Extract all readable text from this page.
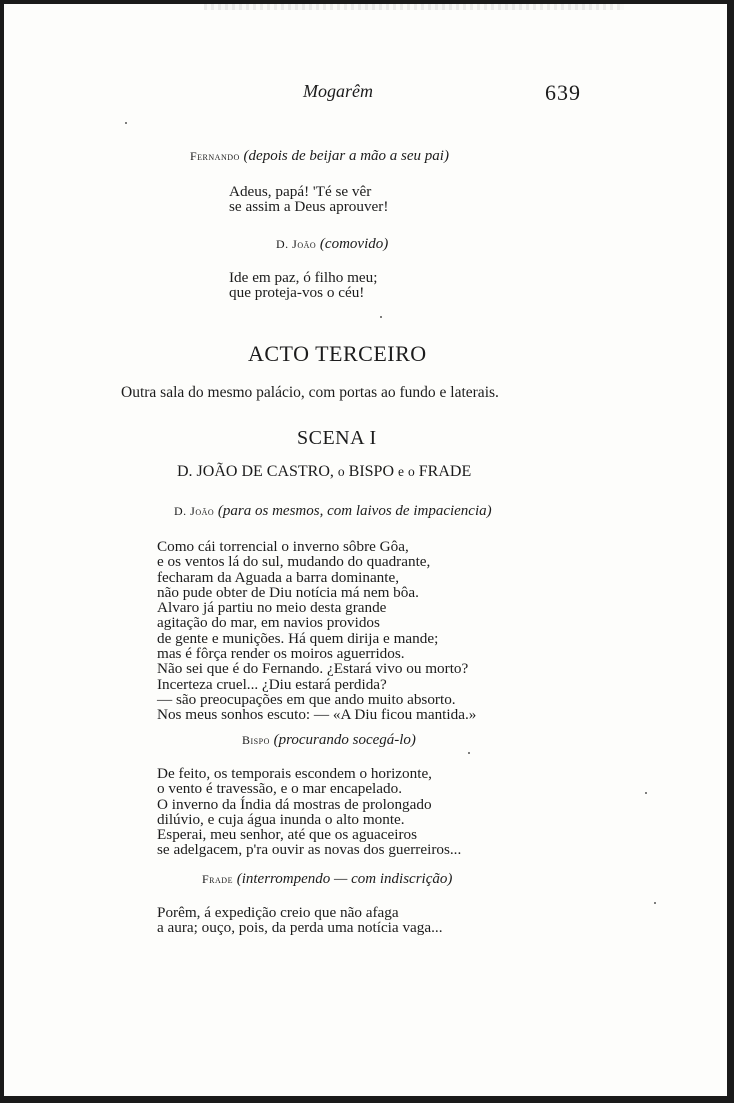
Mogarêm	639
Fernando (depois de beijar a mão a seu pai)
Adeus, papá! 'Té se vêr
se assim a Deus aprouver!
D. João (comovido)
Ide em paz, ó filho meu;
que proteja-vos o céu!
ACTO TERCEIRO
Outra sala do mesmo palácio, com portas ao fundo e laterais.
SCENA I
D. JOÃO DE CASTRO, o BISPO e o FRADE
D. João (para os mesmos, com laivos de impaciencia)
Como cái torrencial o inverno sôbre Gôa,
e os ventos lá do sul, mudando do quadrante,
fecharam da Aguada a barra dominante,
não pude obter de Diu notícia má nem bôa.
Alvaro já partiu no meio desta grande
agitação do mar, em navios providos
de gente e munições. Há quem dirija e mande;
mas é fôrça render os moiros aguerridos.
Não sei que é do Fernando. ¿Estará vivo ou morto?
Incerteza cruel... ¿Diu estará perdida?
— são preocupações em que ando muito absorto.
Nos meus sonhos escuto: — «A Diu ficou mantida.»
Bispo (procurando socegá-lo)
De feito, os temporais escondem o horizonte,
o vento é travessão, e o mar encapelado.
O inverno da Índia dá mostras de prolongado
dilúvio, e cuja água inunda o alto monte.
Esperai, meu senhor, até que os aguaceiros
se adelgacem, p'ra ouvir as novas dos guerreiros...
Frade (interrompendo — com indiscrição)
Porêm, á expedição creio que não afaga
a aura; ouço, pois, da perda uma notícia vaga...
